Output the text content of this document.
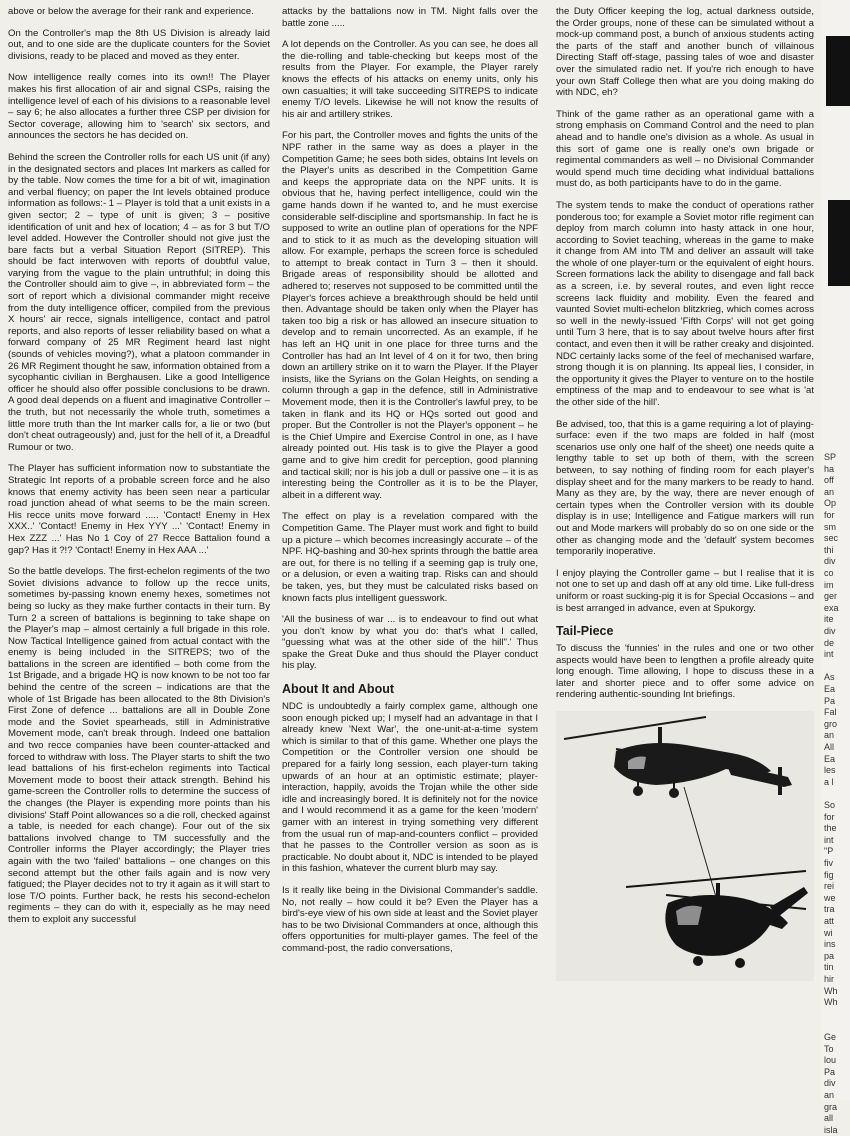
above or below the average for their rank and experience.

On the Controller's map the 8th US Division is already laid out, and to one side are the duplicate counters for the Soviet divisions, ready to be placed and moved as they enter.

Now intelligence really comes into its own!! The Player makes his first allocation of air and signal CSPs, raising the intelligence level of each of his divisions to a reasonable level – say 6; he also allocates a further three CSP per division for Sector coverage, allowing him to 'search' six sectors, and announces the sectors he has decided on.

Behind the screen the Controller rolls for each US unit (if any) in the designated sectors and places Int markers as called for by the table. Now comes the time for a bit of wit, imagination and verbal fluency; on paper the Int levels obtained produce information as follows:- 1 – Player is told that a unit exists in a given sector; 2 – type of unit is given; 3 – positive identification of unit and hex of location; 4 – as for 3 but T/O level added. However the Controller should not give just the bare facts but a verbal Situation Report (SITREP). This should be fact interwoven with reports of doubtful value, varying from the vague to the plain untruthful; in doing this the Controller should aim to give –, in abbreviated form – the sort of report which a divisional commander might receive from the duty intelligence officer, compiled from the previous X hours' air recce, signals intelligence, contact and patrol reports, and also reports of lesser reliability based on what a forward company of 25 MR Regiment heard last night (sounds of vehicles moving?), what a platoon commander in 26 MR Regiment thought he saw, information obtained from a sycophantic civilian in Berghausen. Like a good Intelligence officer he should also offer possible conclusions to be drawn. A good deal depends on a fluent and imaginative Controller – the truth, but not necessarily the whole truth, sometimes a little more truth than the Int marker calls for, a lie or two (but don't cheat outrageously) and, just for the hell of it, a Dreadful Rumour or two.

The Player has sufficient information now to substantiate the Strategic Int reports of a probable screen force and he also knows that enemy activity has been seen near a particular road junction ahead of what seems to be the main screen. His recce units move forward ..... 'Contact! Enemy in Hex XXX..' 'Contact! Enemy in Hex YYY ...' 'Contact! Enemy in Hex ZZZ ...' Has No 1 Coy of 27 Recce Battalion found a gap? Has it ?!? 'Contact! Enemy in Hex AAA ...'

So the battle develops. The first-echelon regiments of the two Soviet divisions advance to follow up the recce units, sometimes by-passing known enemy hexes, sometimes not being so lucky as they make further contacts in their turn. By Turn 2 a screen of battalions is beginning to take shape on the Player's map – almost certainly a full brigade in this role. Now Tactical Intelligence gained from actual contact with the enemy is being included in the SITREPS; two of the battalions in the screen are identified – both come from the 1st Brigade, and a brigade HQ is now known to be not too far behind the centre of the screen – indications are that the whole of 1st Brigade has been allocated to the 8th Division's First Zone of defence ... battalions are all in Double Zone mode and the Soviet spearheads, still in Administrative Movement mode, can't break through. Indeed one battalion and two recce companies have been counter-attacked and forced to withdraw with loss. The Player starts to shift the two lead battalions of his first-echelon regiments into Tactical Movement mode to boost their attack strength. Behind his game-screen the Controller rolls to determine the success of the changes (the Player is expending more points than his divisions' Staff Point allowances so a die roll, checked against a table, is needed for each change). Four out of the six battalions involved change to TM successfully and the Controller informs the Player accordingly; the Player tries again with the two 'failed' battalions – one changes on this second attempt but the other fails again and is now very fatigued; the Player decides not to try it again as it will start to lose T/O points. Further back, he rests his second-echelon regiments – they can do with it, especially as he may need them to exploit any successful

attacks by the battalions now in TM. Night falls over the battle zone .....

A lot depends on the Controller. As you can see, he does all the die-rolling and table-checking but keeps most of the results from the Player. For example, the Player rarely knows the effects of his attacks on enemy units, only his own casualties; it will take succeeding SITREPS to indicate enemy T/O levels. Likewise he will not know the results of his air and artillery strikes.

For his part, the Controller moves and fights the units of the NPF rather in the same way as does a player in the Competition Game; he sees both sides, obtains Int levels on the Player's units as described in the Competition Game and keeps the appropriate data on the NPF units. It is obvious that he, having perfect intelligence, could win the game hands down if he wanted to, and he must exercise considerable self-discipline and sportsmanship. In fact he is supposed to write an outline plan of operations for the NPF and to stick to it as much as the developing situation will allow. For example, perhaps the screen force is scheduled to attempt to break contact in Turn 3 – then it should. Brigade areas of responsibility should be allotted and adhered to; reserves not supposed to be committed until the Player's forces achieve a breakthrough should be held until then. Advantage should be taken only when the Player has taken too big a risk or has allowed an insecure situation to develop and to remain uncorrected. As an example, if he has left an HQ unit in one place for three turns and the Controller has had an Int level of 4 on it for two, then bring down an artillery strike on it to warn the Player. If the Player insists, like the Syrians on the Golan Heights, on sending a column through a gap in the defence, still in Administrative Movement mode, then it is the Controller's lawful prey, to be taken in flank and its HQ or HQs sorted out good and proper. But the Controller is not the Player's opponent – he is the Chief Umpire and Exercise Control in one, as I have already pointed out. His task is to give the Player a good game and to give him credit for perception, good planning and tactical skill; nor is his job a dull or passive one – it is as interesting being the Controller as it is to be the Player, albeit in a different way.

The effect on play is a revelation compared with the Competition Game. The Player must work and fight to build up a picture – which becomes increasingly accurate – of the NPF. HQ-bashing and 30-hex sprints through the battle area are out, for there is no telling if a seeming gap is truly one, or a delusion, or even a waiting trap. Risks can and should be taken, yes, but they must be calculated risks based on known facts plus intelligent guesswork.

'All the business of war ... is to endeavour to find out what you don't know by what you do: that's what I called, "guessing what was at the other side of the hill".' Thus spake the Great Duke and thus should the Player conduct his play.

About It and About

NDC is undoubtedly a fairly complex game, although one soon enough picked up; I myself had an advantage in that I already knew 'Next War', the one-unit-at-a-time system which is similar to that of this game. Whether one plays the Competition or the Controller version one should be prepared for a fairly long session, each player-turn taking upwards of an hour at an optimistic estimate; player-interaction, happily, avoids the Trojan while the other side idle and increasingly bored. It is definitely not for the novice and I would recommend it as a game for the keen 'modern' gamer with an interest in trying something very different from the usual run of map-and-counters conflict – provided that he passes to the Controller version as soon as is practicable. No doubt about it, NDC is intended to be played in this fashion, whatever the current blurb may say.

Is it really like being in the Divisional Commander's saddle. No, not really – how could it be? Even the Player has a bird's-eye view of his own side at least and the Soviet player has to be two Divisional Commanders at once, although this offers opportunities for multi-player games. The feel of the command-post, the radio conversations,

the Duty Officer keeping the log, actual darkness outside, the Order groups, none of these can be simulated without a mock-up command post, a bunch of anxious students acting the parts of the staff and another bunch of villainous Directing Staff off-stage, passing tales of woe and disaster over the simulated radio net. If you're rich enough to have your own Staff College then what are you doing making do with NDC, eh?

Think of the game rather as an operational game with a strong emphasis on Command Control and the need to plan ahead and to handle one's division as a whole. As usual in this sort of game one is really one's own brigade or regimental commanders as well – no Divisional Commander would spend much time deciding what individual battalions must do, as both participants have to do in the game.

The system tends to make the conduct of operations rather ponderous too; for example a Soviet motor rifle regiment can deploy from march column into hasty attack in one hour, according to Soviet teaching, whereas in the game to make it change from AM into TM and deliver an assault will take the whole of one player-turn or the equivalent of eight hours. Screen formations lack the ability to disengage and fall back as a screen, i.e. by several routes, and even light recce screens lack fluidity and mobility. Even the feared and vaunted Soviet multi-echelon blitzkrieg, which comes across so well in the newly-issued 'Fifth Corps' will not get going until Turn 3 here, that is to say about twelve hours after first contact, and even then it will be rather creaky and disjointed. NDC certainly lacks some of the feel of mechanised warfare, strong though it is on planning. Its appeal lies, I consider, in the opportunity it gives the Player to venture on to the hostile emptiness of the map and to endeavour to see what is 'at the other side of the hill'.

Be advised, too, that this is a game requiring a lot of playing-surface: even if the two maps are folded in half (most scenarios use only one half of the sheet) one needs quite a lengthy table to set up both of them, with the screen between, to say nothing of finding room for each player's display sheet and for the many markers to be ready to hand. Many as they are, by the way, there are never enough of certain types when the Controller version with its double display is in use; Intelligence and Fatigue markers will run out and Mode markers will probably do so on one side or the other as changing mode and the 'default' system becomes temporarily inoperative.

I enjoy playing the Controller game – but I realise that it is not one to set up and dash off at any old time. Like full-dress uniform or roast sucking-pig it is for Special Occasions – and is best arranged in advance, even at Spukorgy.

Tail-Piece

To discuss the 'funnies' in the rules and one or two other aspects would have been to lengthen a profile already quite long enough. Time allowing, I hope to discuss these in a later and shorter piece and to offer some advice on rendering authentic-sounding Int briefings.

SP
ha
off
an
Op
for
sm
sec
thi
div
co
im
ger
exa
ite
div
de
int
As
Ea
Pa
Fal
gro
an
All
Ea
les
a l
So
for
the
int
"P
fiv
fig
rei
we
tra
att
wi
ins
pa
tin
hir
Wh
Wh
Ge
To
lou
Pa
div
an
gra
all
isla
